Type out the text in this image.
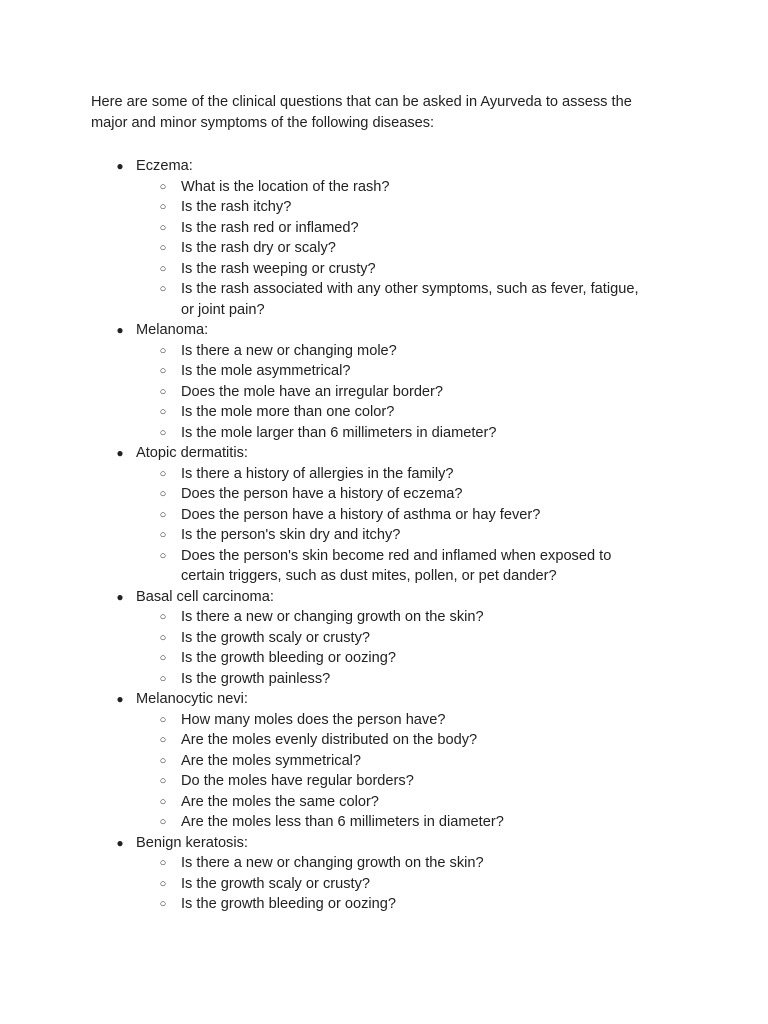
Here are some of the clinical questions that can be asked in Ayurveda to assess the major and minor symptoms of the following diseases:

● Eczema:
○ What is the location of the rash?
○ Is the rash itchy?
○ Is the rash red or inflamed?
○ Is the rash dry or scaly?
○ Is the rash weeping or crusty?
○ Is the rash associated with any other symptoms, such as fever, fatigue, or joint pain?
● Melanoma:
○ Is there a new or changing mole?
○ Is the mole asymmetrical?
○ Does the mole have an irregular border?
○ Is the mole more than one color?
○ Is the mole larger than 6 millimeters in diameter?
● Atopic dermatitis:
○ Is there a history of allergies in the family?
○ Does the person have a history of eczema?
○ Does the person have a history of asthma or hay fever?
○ Is the person's skin dry and itchy?
○ Does the person's skin become red and inflamed when exposed to certain triggers, such as dust mites, pollen, or pet dander?
● Basal cell carcinoma:
○ Is there a new or changing growth on the skin?
○ Is the growth scaly or crusty?
○ Is the growth bleeding or oozing?
○ Is the growth painless?
● Melanocytic nevi:
○ How many moles does the person have?
○ Are the moles evenly distributed on the body?
○ Are the moles symmetrical?
○ Do the moles have regular borders?
○ Are the moles the same color?
○ Are the moles less than 6 millimeters in diameter?
● Benign keratosis:
○ Is there a new or changing growth on the skin?
○ Is the growth scaly or crusty?
○ Is the growth bleeding or oozing?
